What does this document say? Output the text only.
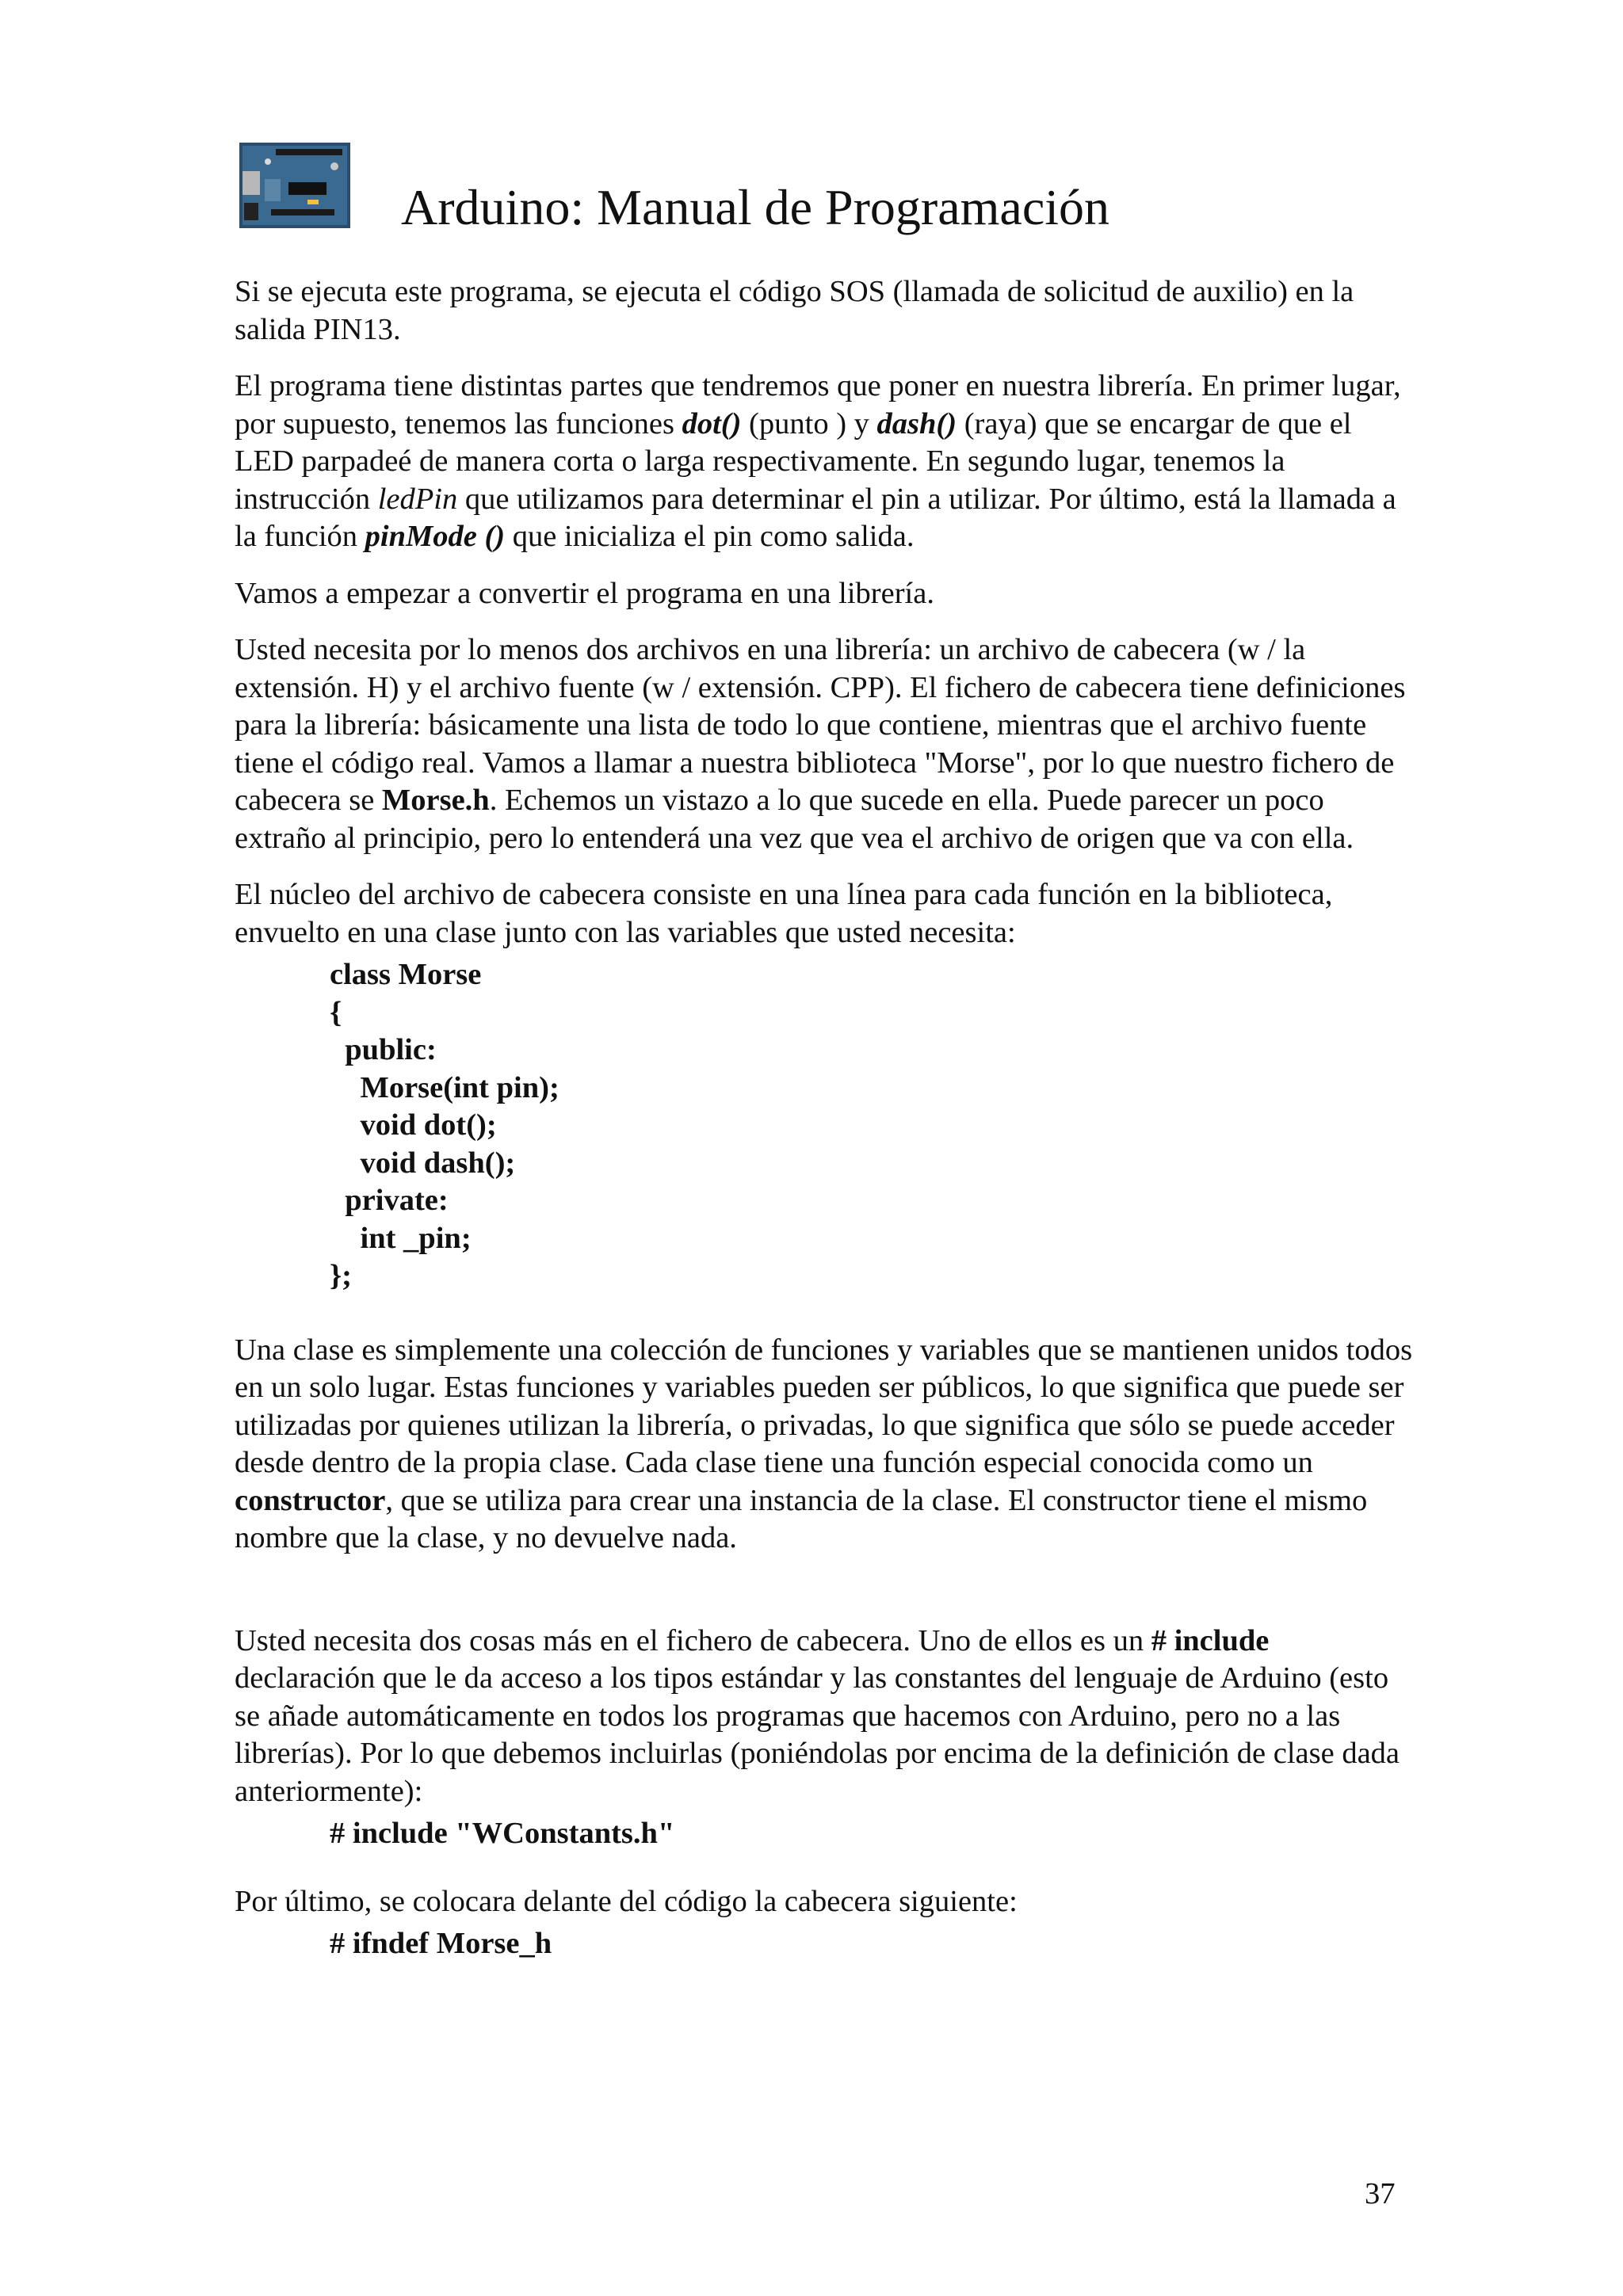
Arduino: Manual de Programación

Si se ejecuta este programa, se ejecuta el código SOS (llamada de solicitud de auxilio) en la salida PIN13.

El programa tiene distintas partes que tendremos que poner en nuestra librería. En primer lugar, por supuesto, tenemos las funciones dot() (punto ) y dash() (raya) que se encargar de que el LED parpadeé de manera corta o larga respectivamente. En segundo lugar, tenemos la instrucción ledPin que utilizamos para determinar el pin a utilizar. Por último, está la llamada a la función pinMode () que inicializa el pin como salida.

Vamos a empezar a convertir el programa en una librería.

Usted necesita por lo menos dos archivos en una librería: un archivo de cabecera (w / la extensión. H) y el archivo fuente (w / extensión. CPP). El fichero de cabecera tiene definiciones para la librería: básicamente una lista de todo lo que contiene, mientras que el archivo fuente tiene el código real. Vamos a llamar a nuestra biblioteca "Morse", por lo que nuestro fichero de cabecera se Morse.h. Echemos un vistazo a lo que sucede en ella. Puede parecer un poco extraño al principio, pero lo entenderá una vez que vea el archivo de origen que va con ella.

El núcleo del archivo de cabecera consiste en una línea para cada función en la biblioteca, envuelto en una clase junto con las variables que usted necesita:

class Morse
{
public:
Morse(int pin);
void dot();
void dash();
private:
int _pin;
};

Una clase es simplemente una colección de funciones y variables que se mantienen unidos todos en un solo lugar. Estas funciones y variables pueden ser públicos, lo que significa que puede ser utilizadas por quienes utilizan la librería, o privadas, lo que significa que sólo se puede acceder desde dentro de la propia clase. Cada clase tiene una función especial conocida como un constructor, que se utiliza para crear una instancia de la clase. El constructor tiene el mismo nombre que la clase, y no devuelve nada.

Usted necesita dos cosas más en el fichero de cabecera. Uno de ellos es un # include declaración que le da acceso a los tipos estándar y las constantes del lenguaje de Arduino (esto se añade automáticamente en todos los programas que hacemos con Arduino, pero no a las librerías). Por lo que debemos incluirlas (poniéndolas por encima de la definición de clase dada anteriormente):

# include "WConstants.h"

Por último, se colocara delante del código la cabecera siguiente:

# ifndef Morse_h
37
